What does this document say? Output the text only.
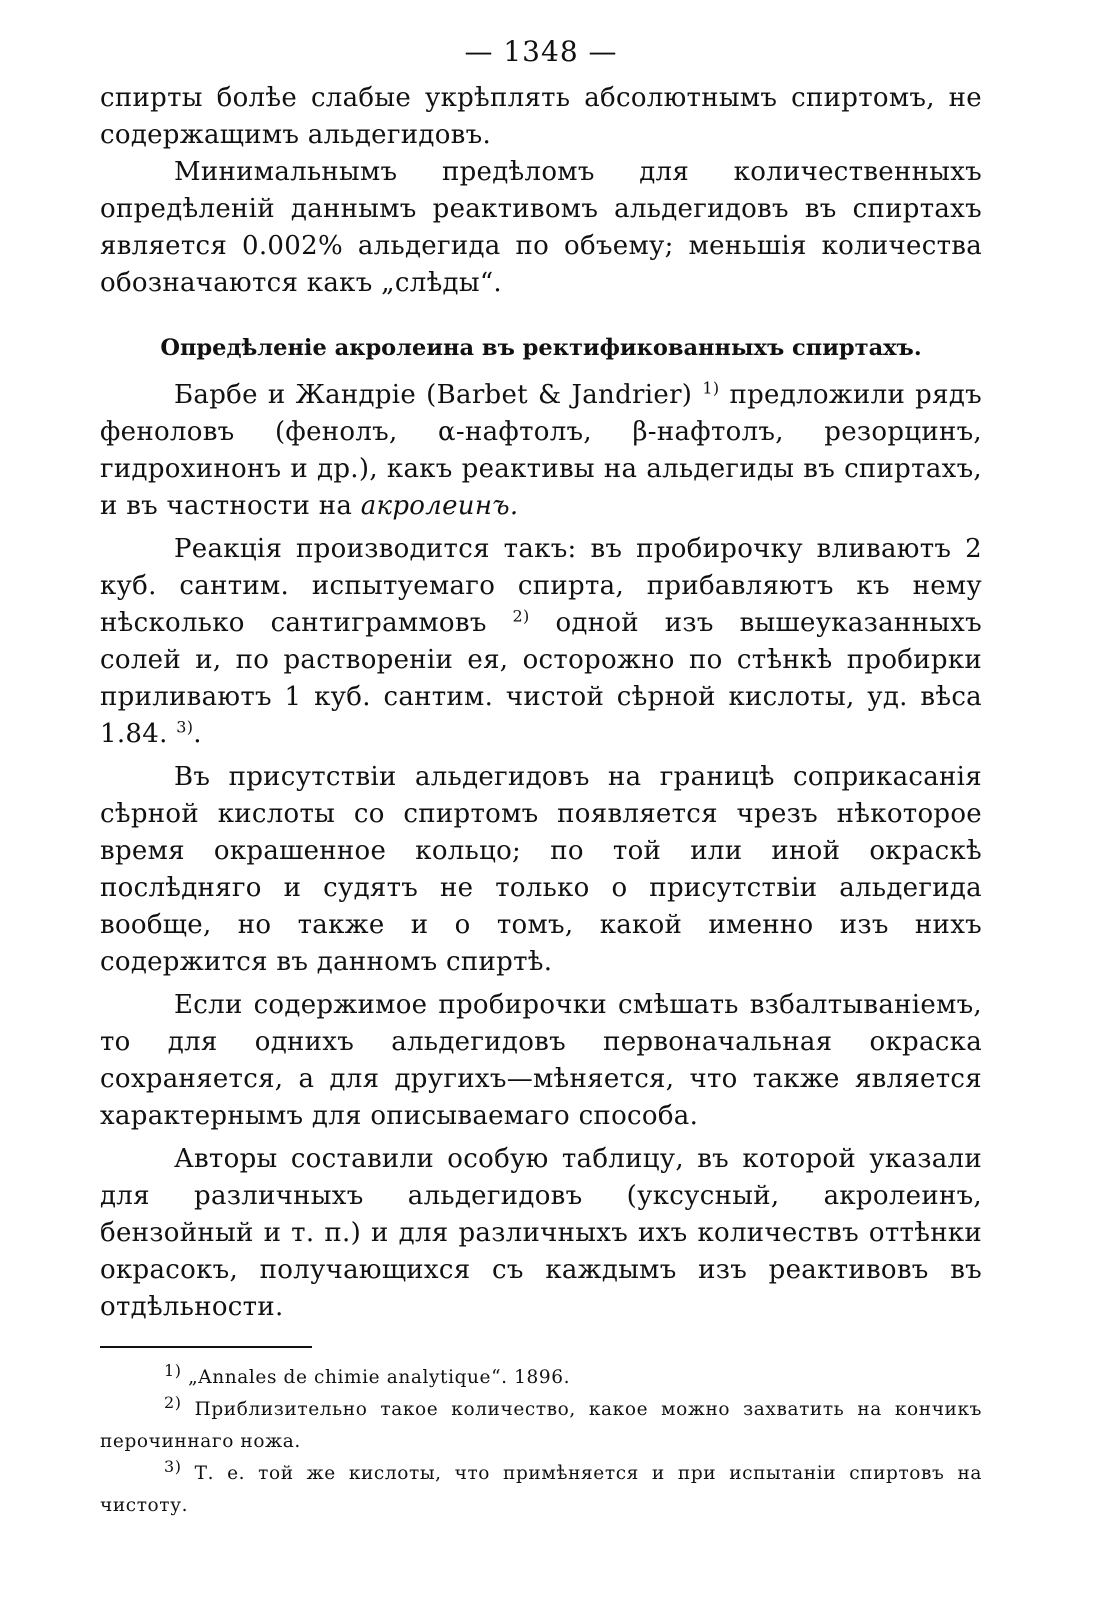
— 1348 —

спирты болѣе слабые укрѣплять абсолютнымъ спиртомъ, не содержащимъ альдегидовъ.

Минимальнымъ предѣломъ для количественныхъ опредѣленій даннымъ реактивомъ альдегидовъ въ спиртахъ является 0.002% альдегида по объему; меньшія количества обозначаются какъ „слѣды“.

Опредѣленіе акролеина въ ректификованныхъ спиртахъ.

Барбе и Жандріе (Barbet & Jandrier) $^{1)}$ предложили рядъ феноловъ (фенолъ, α-нафтолъ, β-нафтолъ, резорцинъ, гидрохинонъ и др.), какъ реактивы на альдегиды въ спиртахъ, и въ частности на акролеинъ.

Реакція производится такъ: въ пробирочку вливаютъ 2 куб. сантим. испытуемаго спирта, прибавляютъ къ нему нѣсколько сантиграммовъ $^{2)}$ одной изъ вышеуказанныхъ солей и, по раствореніи ея, осторожно по стѣнкѣ пробирки приливаютъ 1 куб. сантим. чистой сѣрной кислоты, уд. вѣса 1.84. $^{3)}$.

Въ присутствіи альдегидовъ на границѣ соприкасанія сѣрной кислоты со спиртомъ появляется чрезъ нѣкоторое время окрашенное кольцо; по той или иной окраскѣ послѣдняго и судятъ не только о присутствіи альдегида вообще, но также и о томъ, какой именно изъ нихъ содержится въ данномъ спиртѣ.

Если содержимое пробирочки смѣшать взбалтываніемъ, то для однихъ альдегидовъ первоначальная окраска сохраняется, а для другихъ—мѣняется, что также является характернымъ для описываемаго способа.

Авторы составили особую таблицу, въ которой указали для различныхъ альдегидовъ (уксусный, акролеинъ, бензойный и т. п.) и для различныхъ ихъ количествъ оттѣнки окрасокъ, получающихся съ каждымъ изъ реактивовъ въ отдѣльности.

$^{1)}$ „Annales de chimie analytique“. 1896.

$^{2)}$ Приблизительно такое количество, какое можно захватить на кончикъ перочиннаго ножа.

$^{3)}$ Т. е. той же кислоты, что примѣняется и при испытаніи спиртовъ на чистоту.
